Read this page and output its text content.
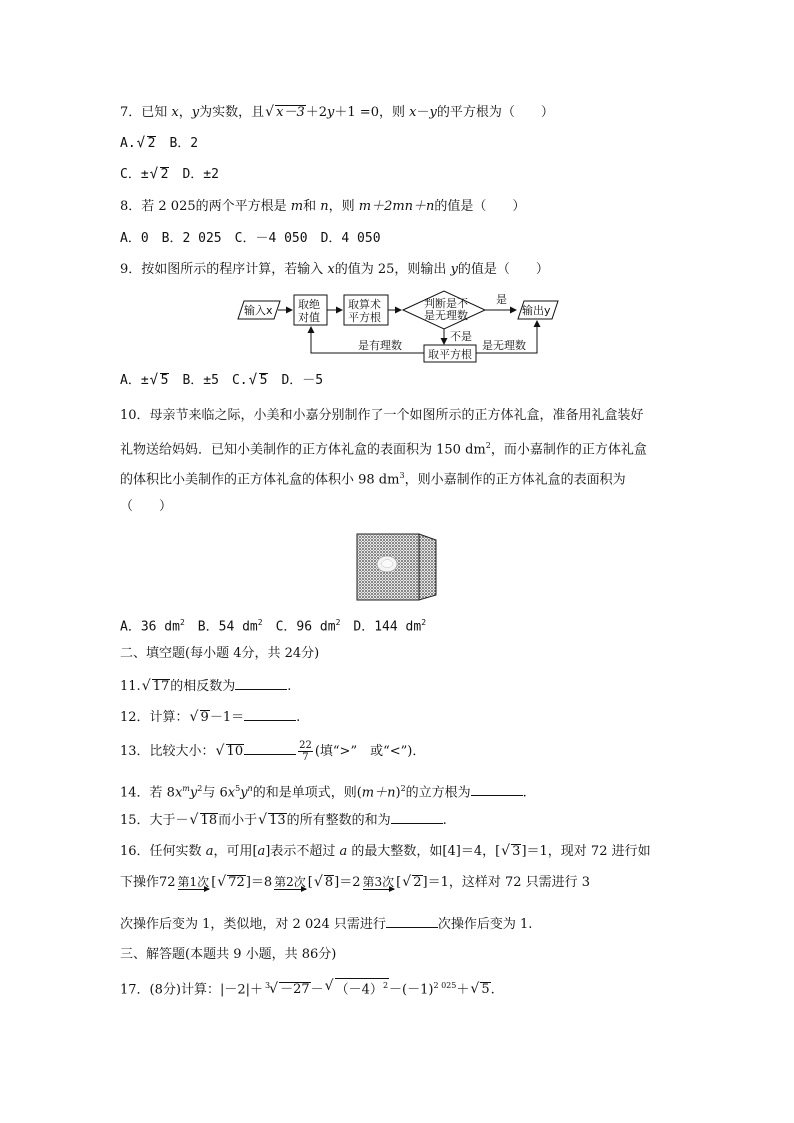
7．已知 x，y为实数，且√ x－3＋2y＋1 =0，则 x－y的平方根为（　　）
A.√ 2　B．2
C．±√ 2　D．±2
8．若 2 025的两个平方根是 m和 n，则 m＋2mn＋n的值是（　　）
A．0　B．2 025　C．－4 050　D．4 050
9．按如图所示的程序计算，若输入 x的值为 25，则输出 y的值是（　　）
输入x 取绝
对值
取算术
平方根
判断是不
是无理数
是
输出y
不是
取平方根
是有理数	是无理数
A．±√ 5　B．±5　C.√ 5　D．－5
10．母亲节来临之际，小美和小嘉分别制作了一个如图所示的正方体礼盒，准备用礼盒装好
礼物送给妈妈．已知小美制作的正方体礼盒的表面积为 150 $dm^2$，而小嘉制作的正方体礼盒
的体积比小美制作的正方体礼盒的体积小 98 $dm^3$，则小嘉制作的正方体礼盒的表面积为
（　　）
A．36 $dm^2$　B．54 $dm^2$　C．96 $dm^2$　D．144 $dm^2$
二、填空题(每小题 4分，共 24分)
11.√ 17的相反数为	.
12．计算：√ 9－1＝	.
13．比较大小：√ 10	$\frac{22}{7}$ (填“>”　或“<”)．
14．若 $8x^my^2$与 $6x^5y^n$的和是单项式，则$(m+n)^2$的立方根为	.
15．大于－√ 18而小于√ 13的所有整数的和为	.
16．任何实数 a，可用[a]表示不超过 a 的最大整数，如[4]＝4，[√ 3]＝1，现对 72 进行如
下操作72 第1次 [√ 72]＝8 第2次 [√ 8]＝2 第3次 [√ 2]＝1，这样对 72 只需进行 3
次操作后变为 1，类似地，对 2 024 只需进行	次操作后变为 1.
三、解答题(本题共 9 小题，共 86分)
17．(8分)计算：|－2|＋ $^3$√ －27－√ $(-4)^2-(-1)^{2 025}+√$ 5.
